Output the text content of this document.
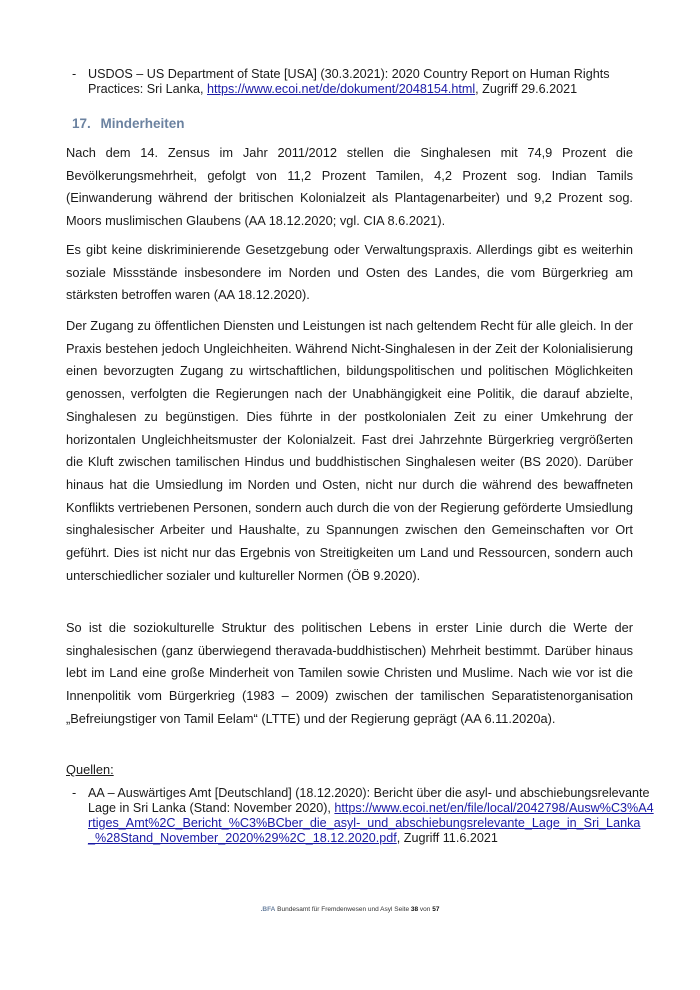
- USDOS – US Department of State [USA] (30.3.2021): 2020 Country Report on Human Rights Practices: Sri Lanka, https://www.ecoi.net/de/dokument/2048154.html, Zugriff 29.6.2021
17. Minderheiten

Nach dem 14. Zensus im Jahr 2011/2012 stellen die Singhalesen mit 74,9 Prozent die Bevölkerungsmehrheit, gefolgt von 11,2 Prozent Tamilen, 4,2 Prozent sog. Indian Tamils (Einwanderung während der britischen Kolonialzeit als Plantagenarbeiter) und 9,2 Prozent sog. Moors muslimischen Glaubens (AA 18.12.2020; vgl. CIA 8.6.2021).

Es gibt keine diskriminierende Gesetzgebung oder Verwaltungspraxis. Allerdings gibt es weiterhin soziale Missstände insbesondere im Norden und Osten des Landes, die vom Bürgerkrieg am stärksten betroffen waren (AA 18.12.2020).

Der Zugang zu öffentlichen Diensten und Leistungen ist nach geltendem Recht für alle gleich. In der Praxis bestehen jedoch Ungleichheiten. Während Nicht-Singhalesen in der Zeit der Kolonialisierung einen bevorzugten Zugang zu wirtschaftlichen, bildungspolitischen und politischen Möglichkeiten genossen, verfolgten die Regierungen nach der Unabhängigkeit eine Politik, die darauf abzielte, Singhalesen zu begünstigen. Dies führte in der postkolonialen Zeit zu einer Umkehrung der horizontalen Ungleichheitsmuster der Kolonialzeit. Fast drei Jahrzehnte Bürgerkrieg vergrößerten die Kluft zwischen tamilischen Hindus und buddhistischen Singhalesen weiter (BS 2020). Darüber hinaus hat die Umsiedlung im Norden und Osten, nicht nur durch die während des bewaffneten Konflikts vertriebenen Personen, sondern auch durch die von der Regierung geförderte Umsiedlung singhalesischer Arbeiter und Haushalte, zu Spannungen zwischen den Gemeinschaften vor Ort geführt. Dies ist nicht nur das Ergebnis von Streitigkeiten um Land und Ressourcen, sondern auch unterschiedlicher sozialer und kultureller Normen (ÖB 9.2020).

So ist die soziokulturelle Struktur des politischen Lebens in erster Linie durch die Werte der singhalesischen (ganz überwiegend theravada-buddhistischen) Mehrheit bestimmt. Darüber hinaus lebt im Land eine große Minderheit von Tamilen sowie Christen und Muslime. Nach wie vor ist die Innenpolitik vom Bürgerkrieg (1983 – 2009) zwischen der tamilischen Separatistenorganisation „Befreiungstiger von Tamil Eelam“ (LTTE) und der Regierung geprägt (AA 6.11.2020a).

Quellen:
- AA – Auswärtiges Amt [Deutschland] (18.12.2020): Bericht über die asyl- und abschiebungsrelevante Lage in Sri Lanka (Stand: November 2020), https://www.ecoi.net/en/file/local/2042798/Ausw%C3%A4rtiges_Amt%2C_Bericht_%C3%BCber_die_asyl-_und_abschiebungsrelevante_Lage_in_Sri_Lanka_%28Stand_November_2020%29%2C_18.12.2020.pdf, Zugriff 11.6.2021
.BFA Bundesamt für Fremdenwesen und Asyl Seite 38 von 57
